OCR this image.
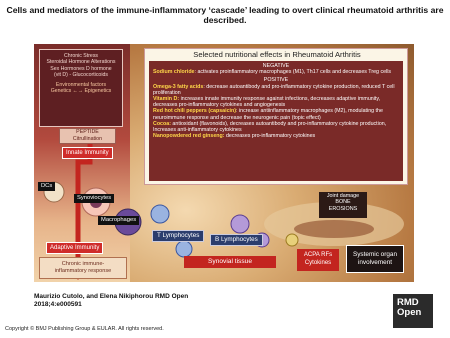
Cells and mediators of the immune-inflammatory ‘cascade’ leading to overt clinical rheumatoid arthritis are described.
Chronic Stress
Steroidal Hormone Alterations
Sex Hormones D hormone
(vit D) - Glucocorticoids
Environmental factors
Genetics ←→ Epigenetics
PEPTIDE
Citrullination
Innate Immunity
DCs
Synoviocytes
Macrophages
Adaptive Immunity
Chronic immune-
inflammatory response
Selected nutritional effects in Rheumatoid Arthritis

NEGATIVE

Sodium chloride: activates proinflammatory macrophages (M1), Th17 cells and decreases Treg cells

POSITIVE

Omega-3 fatty acids: decrease autoantibody and pro-inflammatory cytokine production, reduced T cell proliferation

Vitamin D: increases innate immunity response against infections, decreases adaptive immunity, decreases pro-inflammatory cytokines and angiogenesis

Red hot chili peppers (capsaicin): increase antiinflammatory macrophages (M2), modulating the neuroimmune response and decrease the neurogenic pain (topic effect)

Cocoa: antioxidant (flavonoids), decreases autoantibody and pro-inflammatory cytokine production, Increases anti-inflammatory cytokines

Nanopowdered red ginseng: decreases pro-inflammatory cytokines

Joint damage
BONE
EROSIONS
T Lymphocytes
B Lymphocytes
Synovial tissue
ACPA RFs
Cytokines
Systemic organ
involvement
Maurizio Cutolo, and Elena Nikiphorou RMD Open
2018;4:e000591	RMD
Open
Copyright © BMJ Publishing Group & EULAR. All rights reserved.
